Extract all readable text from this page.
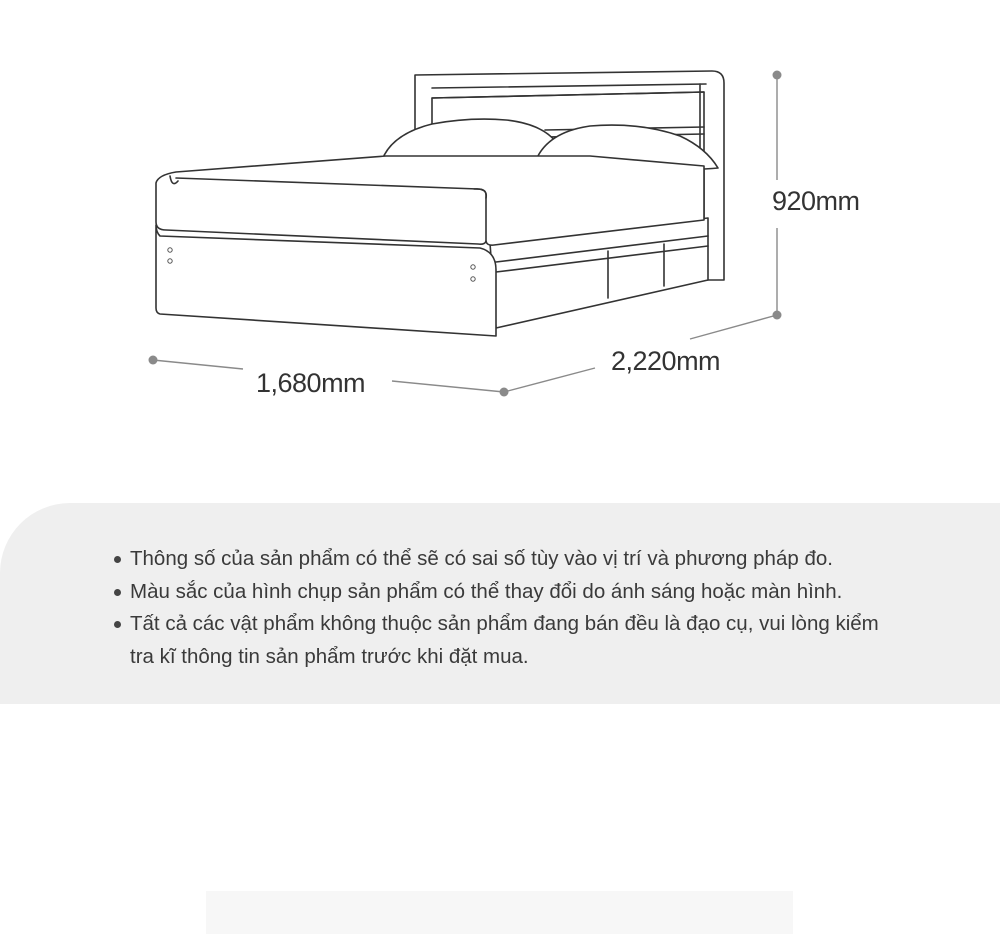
1,680mm
2,220mm
920mm
Thông số của sản phẩm có thể sẽ có sai số tùy vào vị trí và phương pháp đo.
Màu sắc của hình chụp sản phẩm có thể thay đổi do ánh sáng hoặc màn hình.
Tất cả các vật phẩm không thuộc sản phẩm đang bán đều là đạo cụ, vui lòng kiểm tra kĩ thông tin sản phẩm trước khi đặt mua.
